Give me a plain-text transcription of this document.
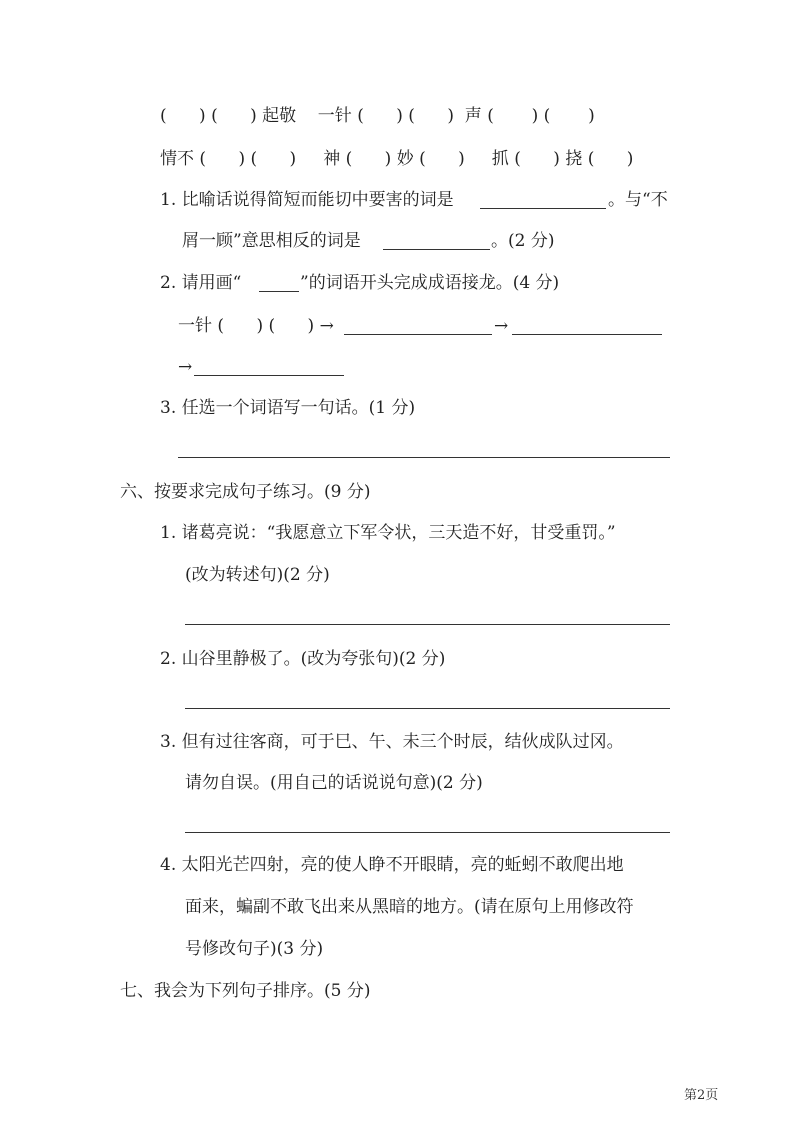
(      ) (      ) 起敬    一针 (      ) (      )  声 (       ) (       )
情不 (      ) (      )     神 (      ) 妙 (      )     抓 (      ) 挠 (      )
1. 比喻话说得简短而能切中要害的词是	。与“不
屑一顾”意思相反的词是	。(2 分)
2. 请用画“	”的词语开头完成成语接龙。(4 分)
一针 (      ) (      ) →	→
→
3. 任选一个词语写一句话。(1 分)
六、按要求完成句子练习。(9 分)
1. 诸葛亮说：“我愿意立下军令状，三天造不好，甘受重罚。”
(改为转述句)(2 分)
2. 山谷里静极了。(改为夸张句)(2 分)
3. 但有过往客商，可于巳、午、未三个时辰，结伙成队过冈。
请勿自误。(用自己的话说说句意)(2 分)
4. 太阳光芒四射，亮的使人睁不开眼睛，亮的蚯蚓不敢爬出地
面来，蝙副不敢飞出来从黑暗的地方。(请在原句上用修改符
号修改句子)(3 分)
七、我会为下列句子排序。(5 分)
第2页
